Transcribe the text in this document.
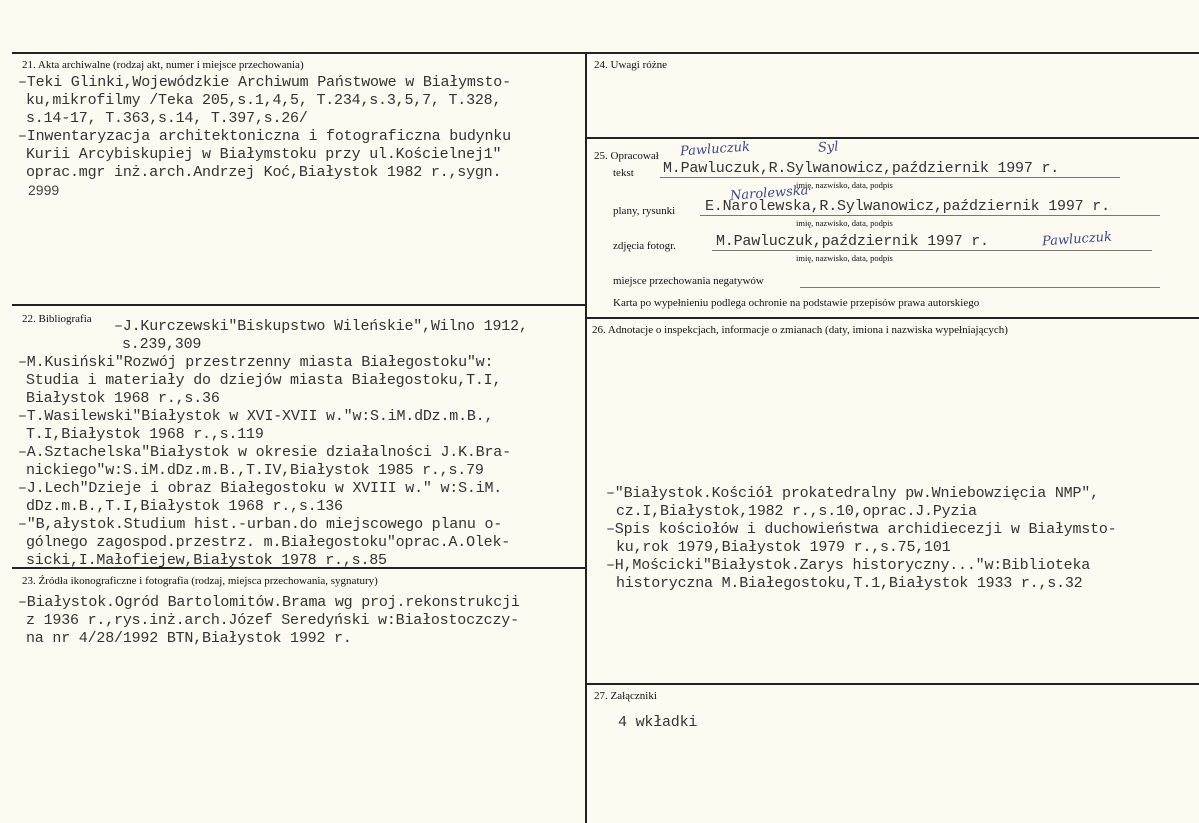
21. Akta archiwalne (rodzaj akt, numer i miejsce przechowania)
–Teki Glinki,Wojewódzkie Archiwum Państwowe w Białymsto-
ku,mikrofilmy /Teka 205,s.1,4,5, T.234,s.3,5,7, T.328,
s.14-17, T.363,s.14, T.397,s.26/
–Inwentaryzacja architektoniczna i fotograficzna budynku
Kurii Arcybiskupiej w Białymstoku przy ul.Kościelnej1"
oprac.mgr inż.arch.Andrzej Koć,Białystok 1982 r.,sygn.
2999
22. Bibliografia –J.Kurczewski"Biskupstwo Wileńskie",Wilno 1912,
s.239,309
–M.Kusiński"Rozwój przestrzenny miasta Białegostoku"w:
Studia i materiały do dziejów miasta Białegostoku,T.I,
Białystok 1968 r.,s.36
–T.Wasilewski"Białystok w XVI-XVII w."w:S.iM.dDz.m.B.,
T.I,Białystok 1968 r.,s.119
–A.Sztachelska"Białystok w okresie działalności J.K.Bra-
nickiego"w:S.iM.dDz.m.B.,T.IV,Białystok 1985 r.,s.79
–J.Lech"Dzieje i obraz Białegostoku w XVIII w." w:S.iM.
dDz.m.B.,T.I,Białystok 1968 r.,s.136
–"B,ałystok.Studium hist.-urban.do miejscowego planu o-
gólnego zagospod.przestrz. m.Białegostoku"oprac.A.Olek-
sicki,I.Małofiejew,Białystok 1978 r.,s.85
23. Źródła ikonograficzne i fotografia (rodzaj, miejsca przechowania, sygnatury)
–Białystok.Ogród Bartolomitów.Brama wg proj.rekonstrukcji
z 1936 r.,rys.inż.arch.Józef Seredyński w:Białostoczczy-
na nr 4/28/1992 BTN,Białystok 1992 r.
24. Uwagi różne
25. Opracował Pawluczuk	Syl
tekst M.Pawluczuk,R.Sylwanowicz,październik 1997 r.
imię, nazwisko, data, podpis
Narolewska
plany, rysunki E.Narolewska,R.Sylwanowicz,październik 1997 r.
imię, nazwisko, data, podpis
zdjęcia fotogr.	M.Pawluczuk,październik 1997 r.	Pawluczuk
imię, nazwisko, data, podpis
miejsce przechowania negatywów
Karta po wypełnieniu podlega ochronie na podstawie przepisów prawa autorskiego
26. Adnotacje o inspekcjach, informacje o zmianach (daty, imiona i nazwiska wypełniających)
–"Białystok.Kościół prokatedralny pw.Wniebowzięcia NMP",
cz.I,Białystok,1982 r.,s.10,oprac.J.Pyzia
–Spis kościołów i duchowieństwa archidiecezji w Białymsto-
ku,rok 1979,Białystok 1979 r.,s.75,101
–H,Mościcki"Białystok.Zarys historyczny..."w:Biblioteka
historyczna M.Białegostoku,T.1,Białystok 1933 r.,s.32
27. Załączniki
4 wkładki
